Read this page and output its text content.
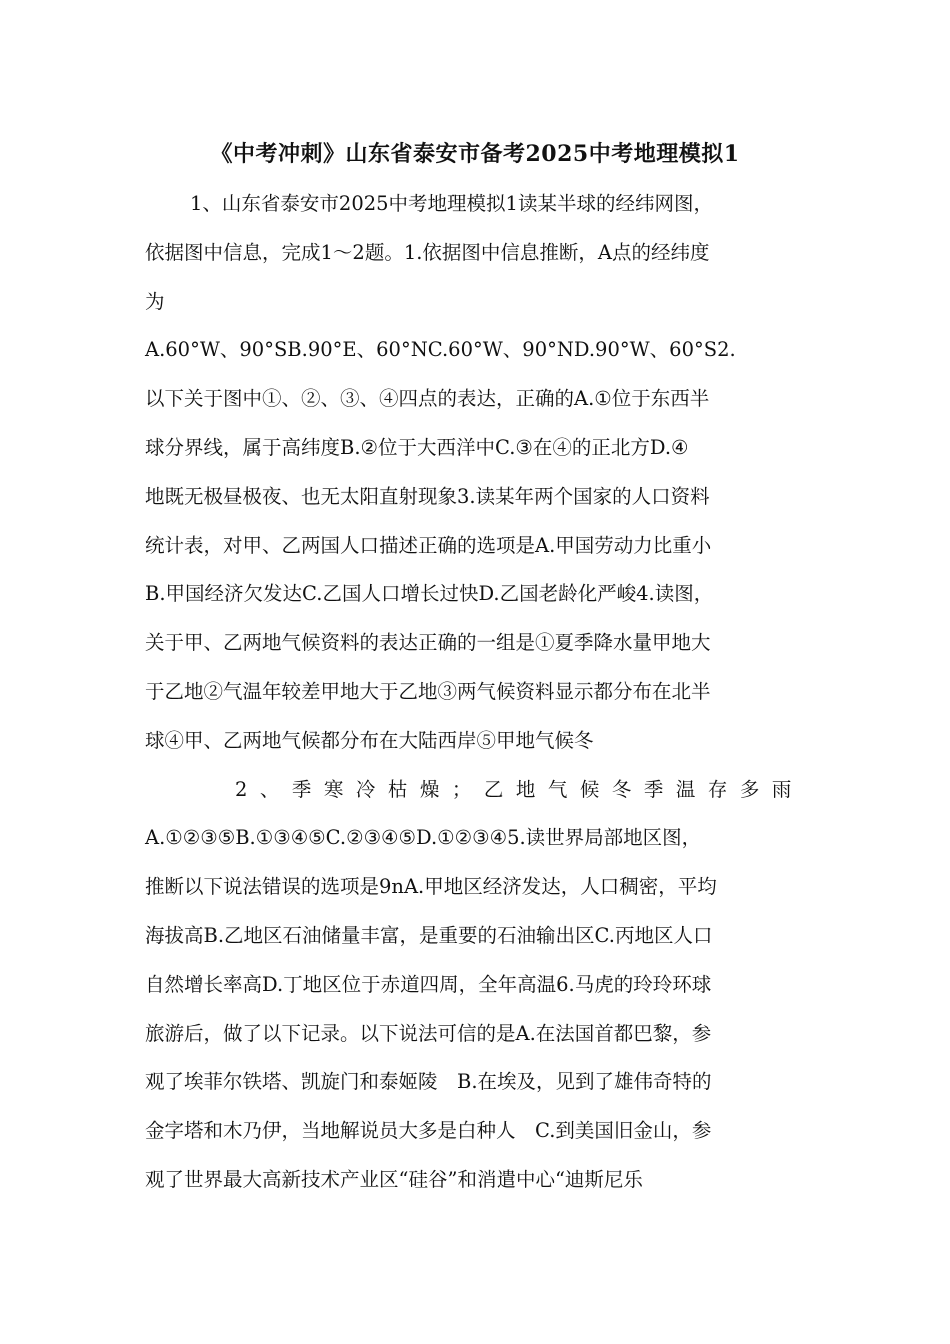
《中考冲刺》山东省泰安市备考2025中考地理模拟1
1、山东省泰安市2025中考地理模拟1读某半球的经纬网图，
依据图中信息，完成1～2题。1.依据图中信息推断，A点的经纬度
为
A.60°W、90°SB.90°E、60°NC.60°W、90°ND.90°W、60°S2.
以下关于图中①、②、③、④四点的表达，正确的A.①位于东西半
球分界线，属于高纬度B.②位于大西洋中C.③在④的正北方D.④
地既无极昼极夜、也无太阳直射现象3.读某年两个国家的人口资料
统计表，对甲、乙两国人口描述正确的选项是A.甲国劳动力比重小
B.甲国经济欠发达C.乙国人口增长过快D.乙国老龄化严峻4.读图，
关于甲、乙两地气候资料的表达正确的一组是①夏季降水量甲地大
于乙地②气温年较差甲地大于乙地③两气候资料显示都分布在北半
球④甲、乙两地气候都分布在大陆西岸⑤甲地气候冬
2、季寒冷枯燥；乙地气候冬季温存多雨
A.①②③⑤B.①③④⑤C.②③④⑤D.①②③④5.读世界局部地区图，
推断以下说法错误的选项是9nA.甲地区经济发达，人口稠密，平均
海拔高B.乙地区石油储量丰富，是重要的石油输出区C.丙地区人口
自然增长率高D.丁地区位于赤道四周，全年高温6.马虎的玲玲环球
旅游后，做了以下记录。以下说法可信的是A.在法国首都巴黎，参
观了埃菲尔铁塔、凯旋门和泰姬陵　B.在埃及，见到了雄伟奇特的
金字塔和木乃伊，当地解说员大多是白种人　C.到美国旧金山，参
观了世界最大高新技术产业区“硅谷”和消遣中心“迪斯尼乐
